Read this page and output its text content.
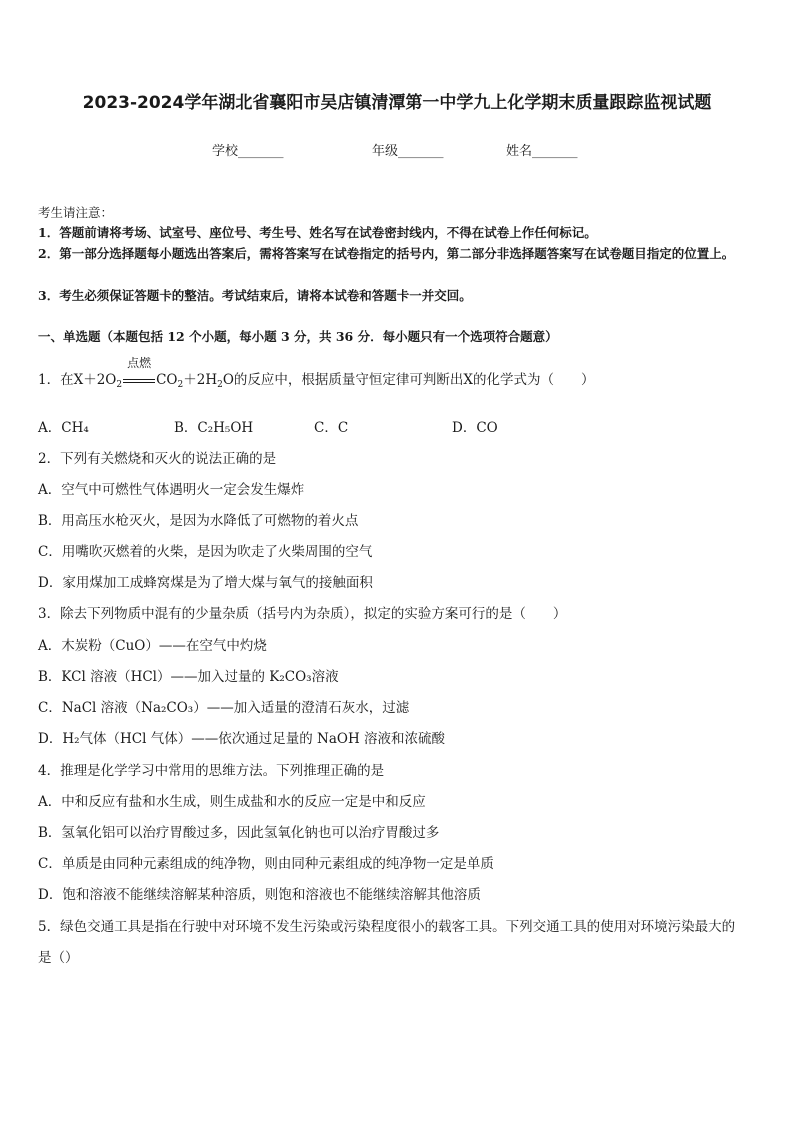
2023-2024学年湖北省襄阳市吴店镇清潭第一中学九上化学期末质量跟踪监视试题
学校_______	年级_______	姓名_______
考生请注意：
1．答题前请将考场、试室号、座位号、考生号、姓名写在试卷密封线内，不得在试卷上作任何标记。
2．第一部分选择题每小题选出答案后，需将答案写在试卷指定的括号内，第二部分非选择题答案写在试卷题目指定的位置上。
3．考生必须保证答题卡的整洁。考试结束后，请将本试卷和答题卡一并交回。
一、单选题（本题包括 12 个小题，每小题 3 分，共 36 分．每小题只有一个选项符合题意）
1．在$X+2O_2$
点燃
$CO_2+2H_2O$的反应中，根据质量守恒定律可判断出X的化学式为（　　）
A．CH₄	B．C₂H₅OH	C．C	D．CO
2．下列有关燃烧和灭火的说法正确的是
A．空气中可燃性气体遇明火一定会发生爆炸
B．用高压水枪灭火，是因为水降低了可燃物的着火点
C．用嘴吹灭燃着的火柴，是因为吹走了火柴周围的空气
D．家用煤加工成蜂窝煤是为了增大煤与氧气的接触面积
3．除去下列物质中混有的少量杂质（括号内为杂质），拟定的实验方案可行的是（　　）
A．木炭粉（CuO）——在空气中灼烧
B．KCl 溶液（HCl）——加入过量的 K₂CO₃溶液
C．NaCl 溶液（Na₂CO₃）——加入适量的澄清石灰水，过滤
D．H₂气体（HCl 气体）——依次通过足量的 NaOH 溶液和浓硫酸
4．推理是化学学习中常用的思维方法。下列推理正确的是
A．中和反应有盐和水生成，则生成盐和水的反应一定是中和反应
B．氢氧化铝可以治疗胃酸过多，因此氢氧化钠也可以治疗胃酸过多
C．单质是由同种元素组成的纯净物，则由同种元素组成的纯净物一定是单质
D．饱和溶液不能继续溶解某种溶质，则饱和溶液也不能继续溶解其他溶质
5．绿色交通工具是指在行驶中对环境不发生污染或污染程度很小的载客工具。下列交通工具的使用对环境污染最大的
是（）
